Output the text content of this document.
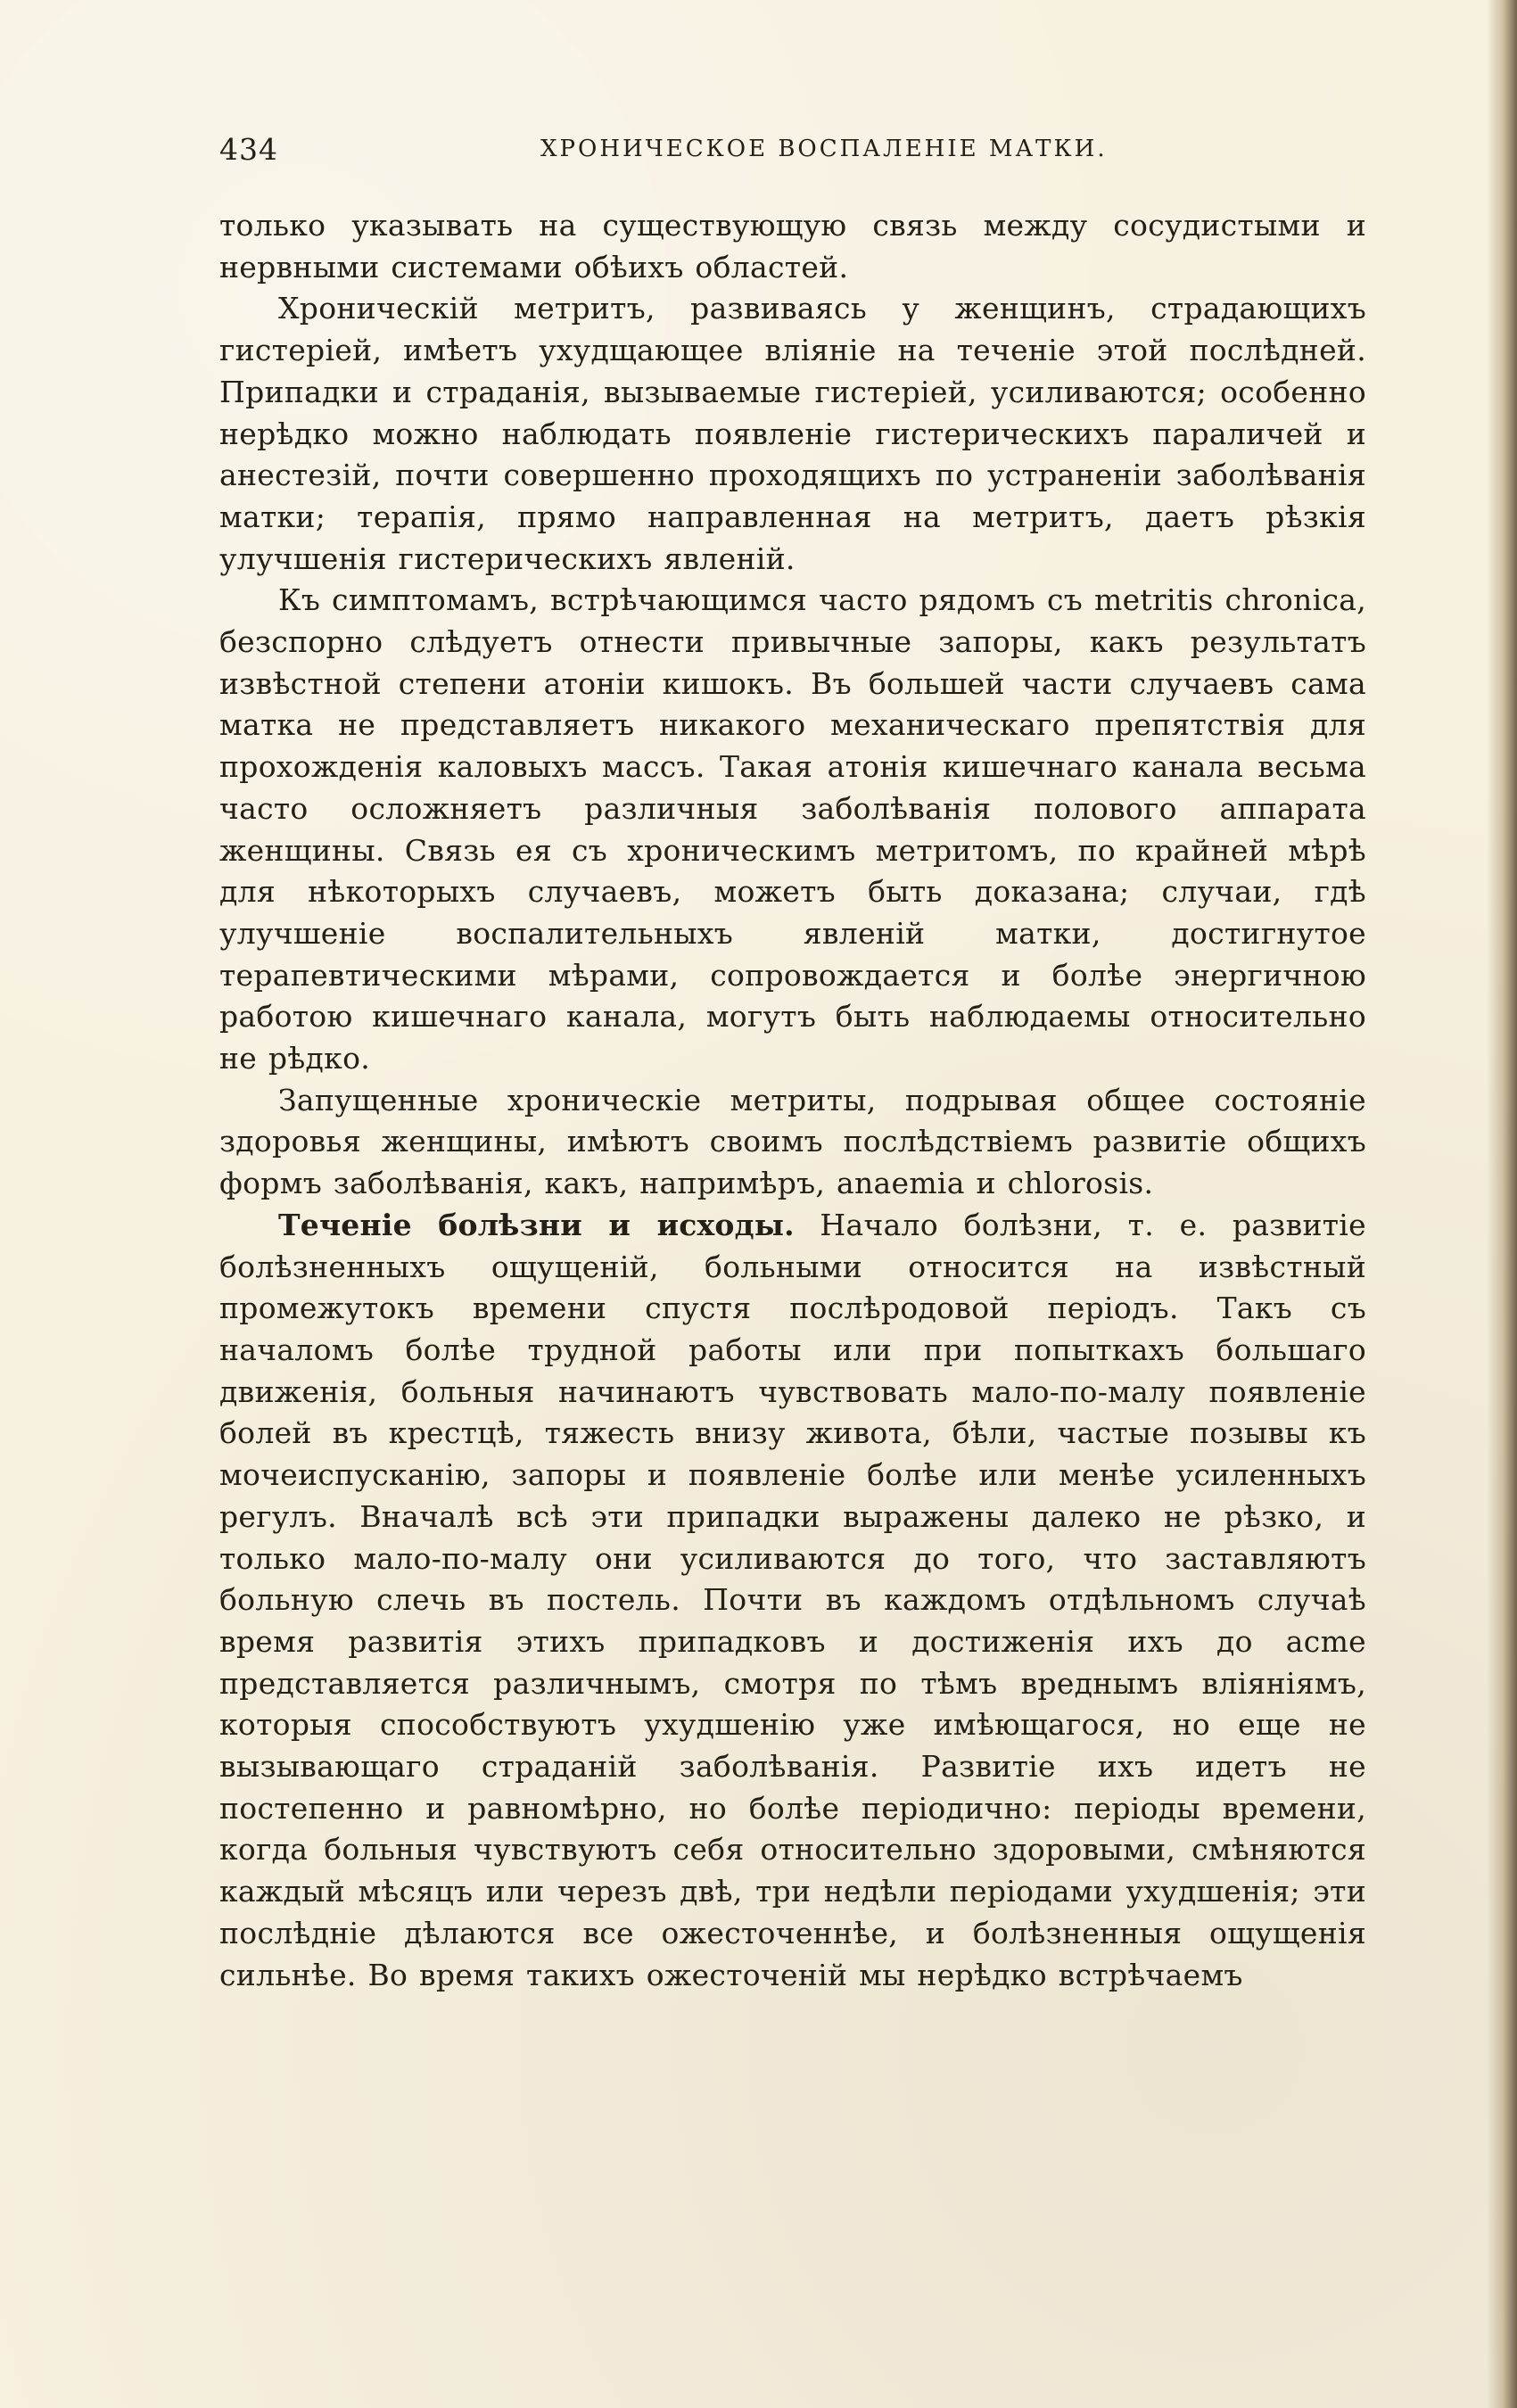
434	ХРОНИЧЕСКОЕ ВОСПАЛЕНІЕ МАТКИ.

только указывать на существующую связь между сосудистыми и нервными системами обѣихъ областей.

Хроническій метритъ, развиваясь у женщинъ, страдающихъ гистеріей, имѣетъ ухудщающее вліяніе на теченіе этой послѣдней. Припадки и страданія, вызываемые гистеріей, усиливаются; особенно нерѣдко можно наблюдать появленіе гистерическихъ параличей и анестезій, почти совершенно проходящихъ по устраненіи заболѣванія матки; терапія, прямо направленная на метритъ, даетъ рѣзкія улучшенія гистерическихъ явленій.

Къ симптомамъ, встрѣчающимся часто рядомъ съ metritis chronica, безспорно слѣдуетъ отнести привычные запоры, какъ результатъ извѣстной степени атоніи кишокъ. Въ большей части случаевъ сама матка не представляетъ никакого механическаго препятствія для прохожденія каловыхъ массъ. Такая атонія кишечнаго канала весьма часто осложняетъ различныя заболѣванія полового аппарата женщины. Связь ея съ хроническимъ метритомъ, по крайней мѣрѣ для нѣкоторыхъ случаевъ, можетъ быть доказана; случаи, гдѣ улучшеніе воспалительныхъ явленій матки, достигнутое терапевтическими мѣрами, сопровождается и болѣе энергичною работою кишечнаго канала, могутъ быть наблюдаемы относительно не рѣдко.

Запущенные хроническіе метриты, подрывая общее состояніе здоровья женщины, имѣютъ своимъ послѣдствіемъ развитіе общихъ формъ заболѣванія, какъ, напримѣръ, anaemia и chlorosis.

Теченіе болѣзни и исходы. Начало болѣзни, т. е. развитіе болѣзненныхъ ощущеній, больными относится на извѣстный промежутокъ времени спустя послѣродовой періодъ. Такъ съ началомъ болѣе трудной работы или при попыткахъ большаго движенія, больныя начинаютъ чувствовать мало-по-малу появленіе болей въ крестцѣ, тяжесть внизу живота, бѣли, частые позывы къ мочеиспусканію, запоры и появленіе болѣе или менѣе усиленныхъ регулъ. Вначалѣ всѣ эти припадки выражены далеко не рѣзко, и только мало-по-малу они усиливаются до того, что заставляютъ больную слечь въ постель. Почти въ каждомъ отдѣльномъ случаѣ время развитія этихъ припадковъ и достиженія ихъ до acme представляется различнымъ, смотря по тѣмъ вреднымъ вліяніямъ, которыя способствуютъ ухудшенію уже имѣющагося, но еще не вызывающаго страданій заболѣванія. Развитіе ихъ идетъ не постепенно и равномѣрно, но болѣе періодично: періоды времени, когда больныя чувствуютъ себя относительно здоровыми, смѣняются каждый мѣсяцъ или черезъ двѣ, три недѣли періодами ухудшенія; эти послѣдніе дѣлаются все ожесточеннѣе, и болѣзненныя ощущенія сильнѣе. Во время такихъ ожесточеній мы нерѣдко встрѣчаемъ
